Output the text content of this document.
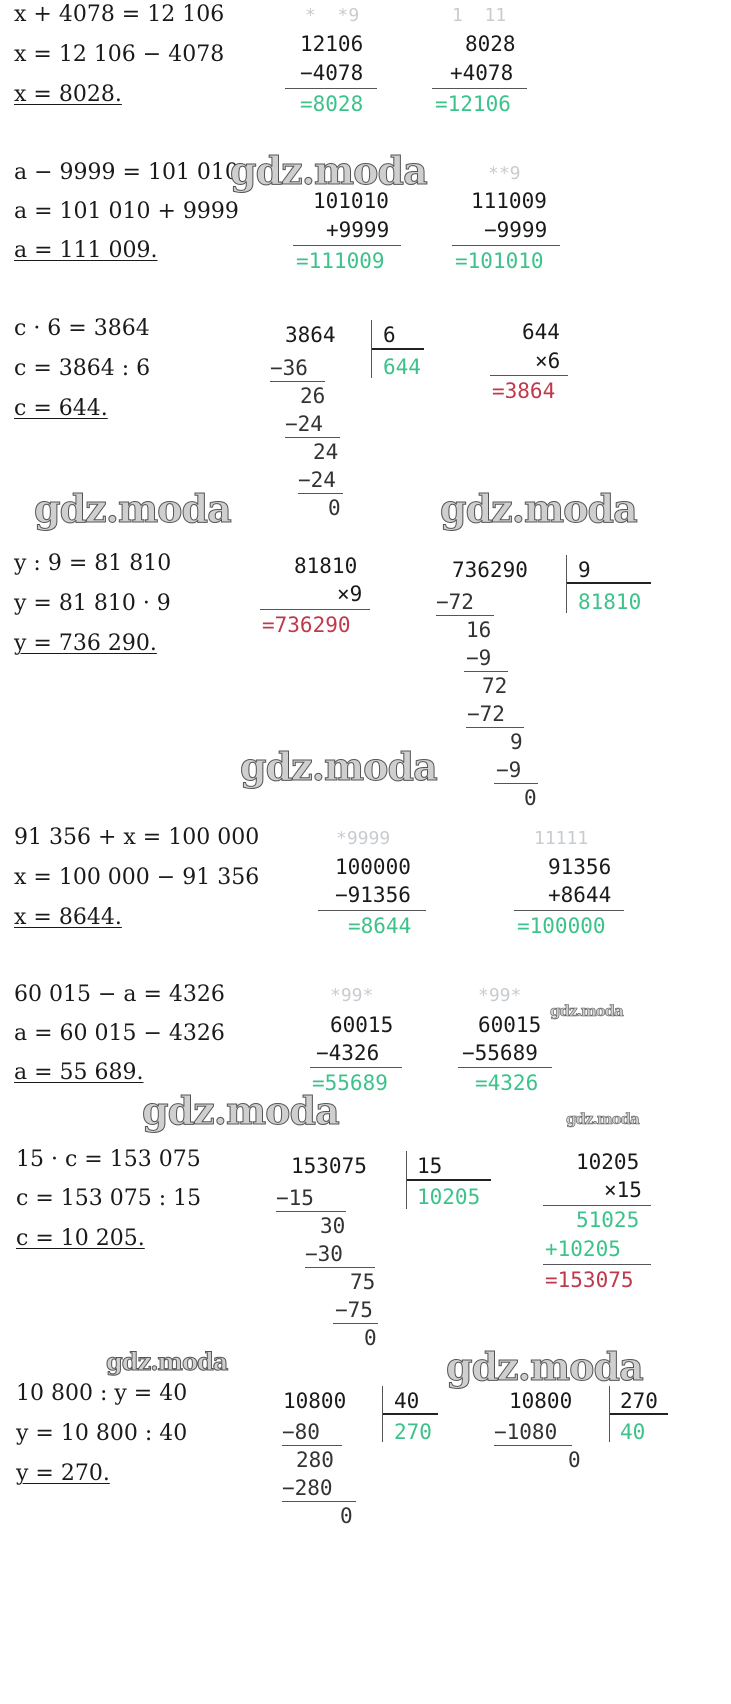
x + 4078 = 12 106
x = 12 106 − 4078
x = 8028.
*  *9
12106
−4078
=8028
1  11
8028
+4078
=12106
a − 9999 = 101 010
a = 101 010 + 9999
a = 111 009.
101010
+9999
=111009
**9
111009
−9999
=101010
c · 6 = 3864
c = 3864 : 6
c = 644.
3864 6
644
−36
26
−24
24
−24
0
644
×6
=3864
y : 9 = 81 810
y = 81 810 · 9
y = 736 290.
81810
×9
=736290
736290 9
81810
−72
16
−9
72
−72
9
−9
0
91 356 + x = 100 000
x = 100 000 − 91 356
x = 8644.
*9999
100000
−91356
=8644
11111
91356
+8644
=100000
60 015 − a = 4326
a = 60 015 − 4326
a = 55 689.
*99*
60015
−4326
=55689
*99*
60015
−55689
=4326
15 · c = 153 075
c = 153 075 : 15
c = 10 205.
153075 15
10205
−15
30
−30
75
−75
0
10205
×15
51025
+10205
=153075
10 800 : y = 40
y = 10 800 : 40
y = 270.
10800 40
270
−80
280
−280
0
10800 270
40
−1080
0
gdz.moda
gdz.moda	gdz.moda
gdz.moda
gdz.moda
gdz.moda	gdz.moda
gdz.moda	gdz.moda
